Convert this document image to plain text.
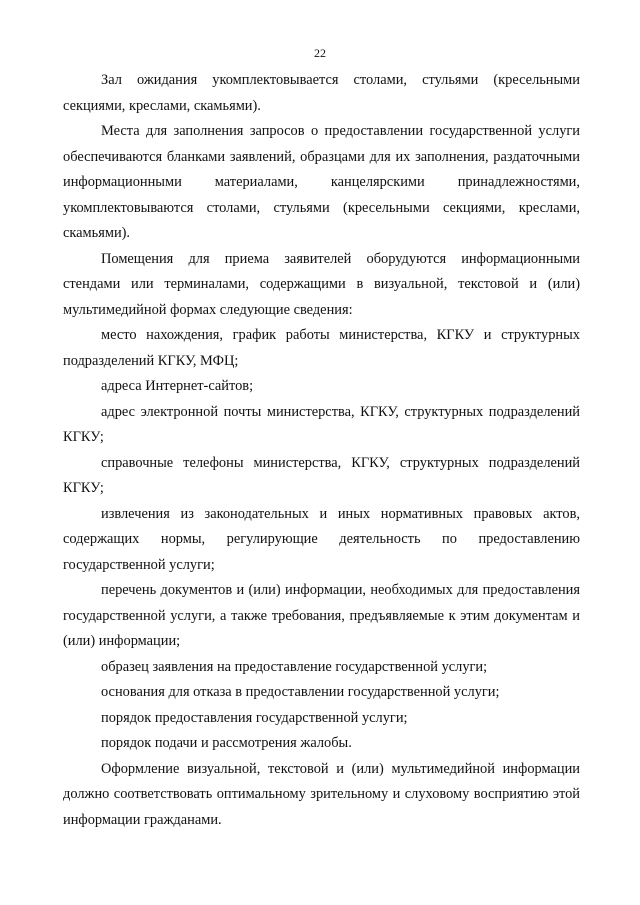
22

Зал ожидания укомплектовывается столами, стульями (кресельными секциями, креслами, скамьями).

Места для заполнения запросов о предоставлении государственной услуги обеспечиваются бланками заявлений, образцами для их заполнения, раздаточными информационными материалами, канцелярскими принадлежностями, укомплектовываются столами, стульями (кресельными секциями, креслами, скамьями).

Помещения для приема заявителей оборудуются информационными стендами или терминалами, содержащими в визуальной, текстовой и (или) мультимедийной формах следующие сведения:

место нахождения, график работы министерства, КГКУ и структурных подразделений КГКУ, МФЦ;

адреса Интернет-сайтов;

адрес электронной почты министерства, КГКУ, структурных подразделений КГКУ;

справочные телефоны министерства, КГКУ, структурных подразделений КГКУ;

извлечения из законодательных и иных нормативных правовых актов, содержащих нормы, регулирующие деятельность по предоставлению государственной услуги;

перечень документов и (или) информации, необходимых для предоставления государственной услуги, а также требования, предъявляемые к этим документам и (или) информации;

образец заявления на предоставление государственной услуги;

основания для отказа в предоставлении государственной услуги;

порядок предоставления государственной услуги;

порядок подачи и рассмотрения жалобы.

Оформление визуальной, текстовой и (или) мультимедийной информации должно соответствовать оптимальному зрительному и слуховому восприятию этой информации гражданами.
